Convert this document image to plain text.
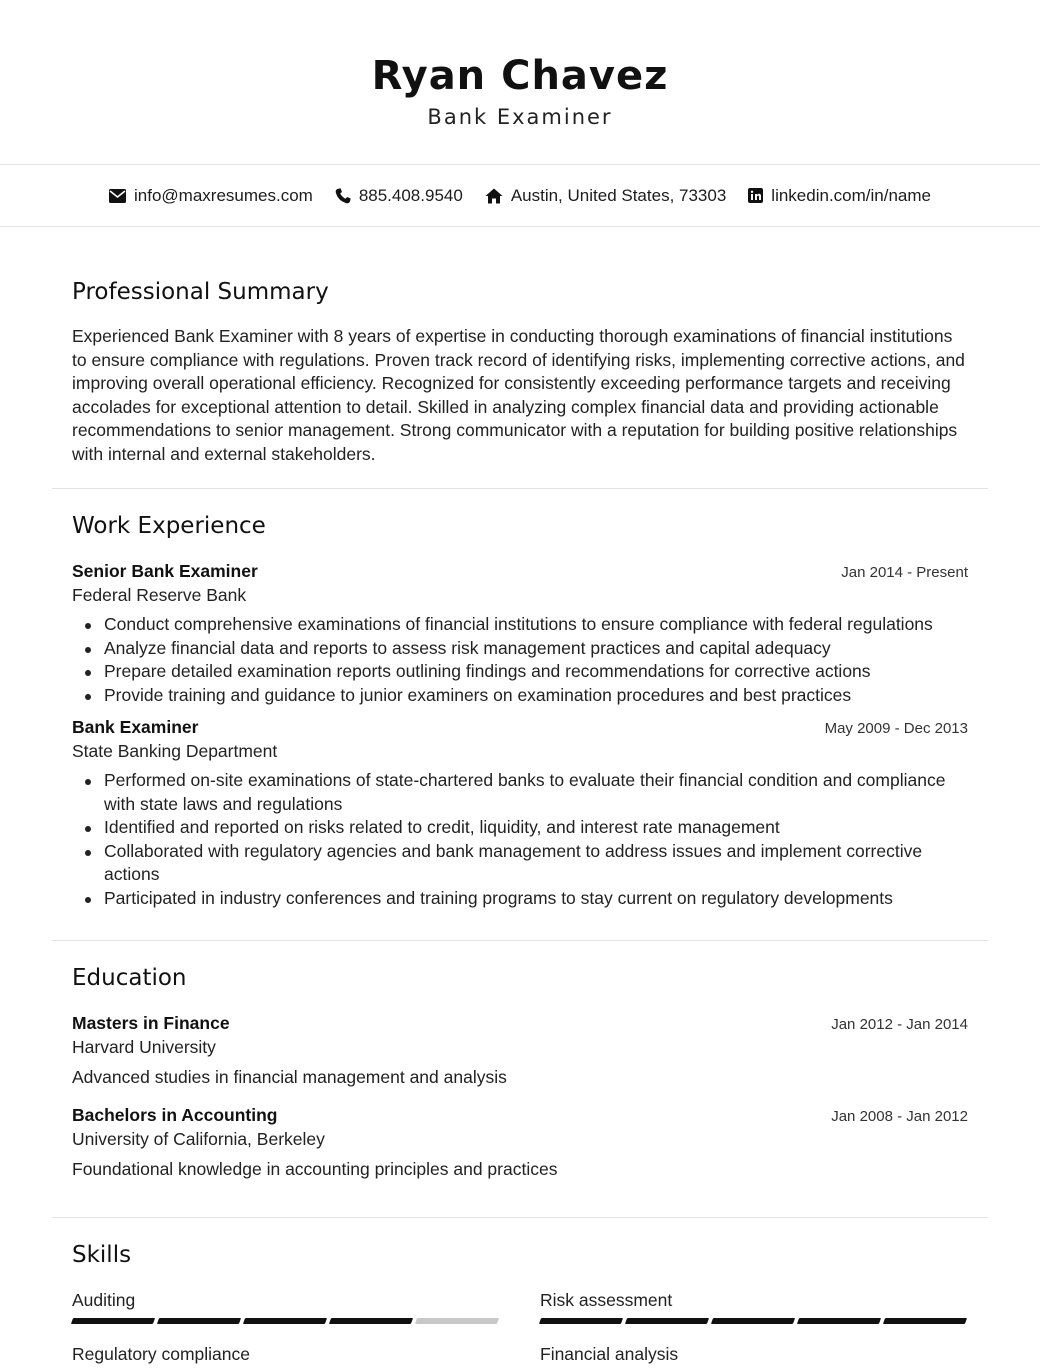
Ryan Chavez
Bank Examiner
info@maxresumes.com	885.408.9540	Austin, United States, 73303	linkedin.com/in/name
Professional Summary

Experienced Bank Examiner with 8 years of expertise in conducting thorough examinations of financial institutions to ensure compliance with regulations. Proven track record of identifying risks, implementing corrective actions, and improving overall operational efficiency. Recognized for consistently exceeding performance targets and receiving accolades for exceptional attention to detail. Skilled in analyzing complex financial data and providing actionable recommendations to senior management. Strong communicator with a reputation for building positive relationships with internal and external stakeholders.

Work Experience
Senior Bank Examiner	Jan 2014 - Present
Federal Reserve Bank
Conduct comprehensive examinations of financial institutions to ensure compliance with federal regulations
Analyze financial data and reports to assess risk management practices and capital adequacy
Prepare detailed examination reports outlining findings and recommendations for corrective actions
Provide training and guidance to junior examiners on examination procedures and best practices
Bank Examiner	May 2009 - Dec 2013
State Banking Department
Performed on-site examinations of state-chartered banks to evaluate their financial condition and compliance with state laws and regulations
Identified and reported on risks related to credit, liquidity, and interest rate management
Collaborated with regulatory agencies and bank management to address issues and implement corrective actions
Participated in industry conferences and training programs to stay current on regulatory developments
Education
Masters in Finance	Jan 2012 - Jan 2014
Harvard University
Advanced studies in financial management and analysis
Bachelors in Accounting	Jan 2008 - Jan 2012
University of California, Berkeley
Foundational knowledge in accounting principles and practices
Skills
Auditing	Risk assessment
Regulatory compliance	Financial analysis
